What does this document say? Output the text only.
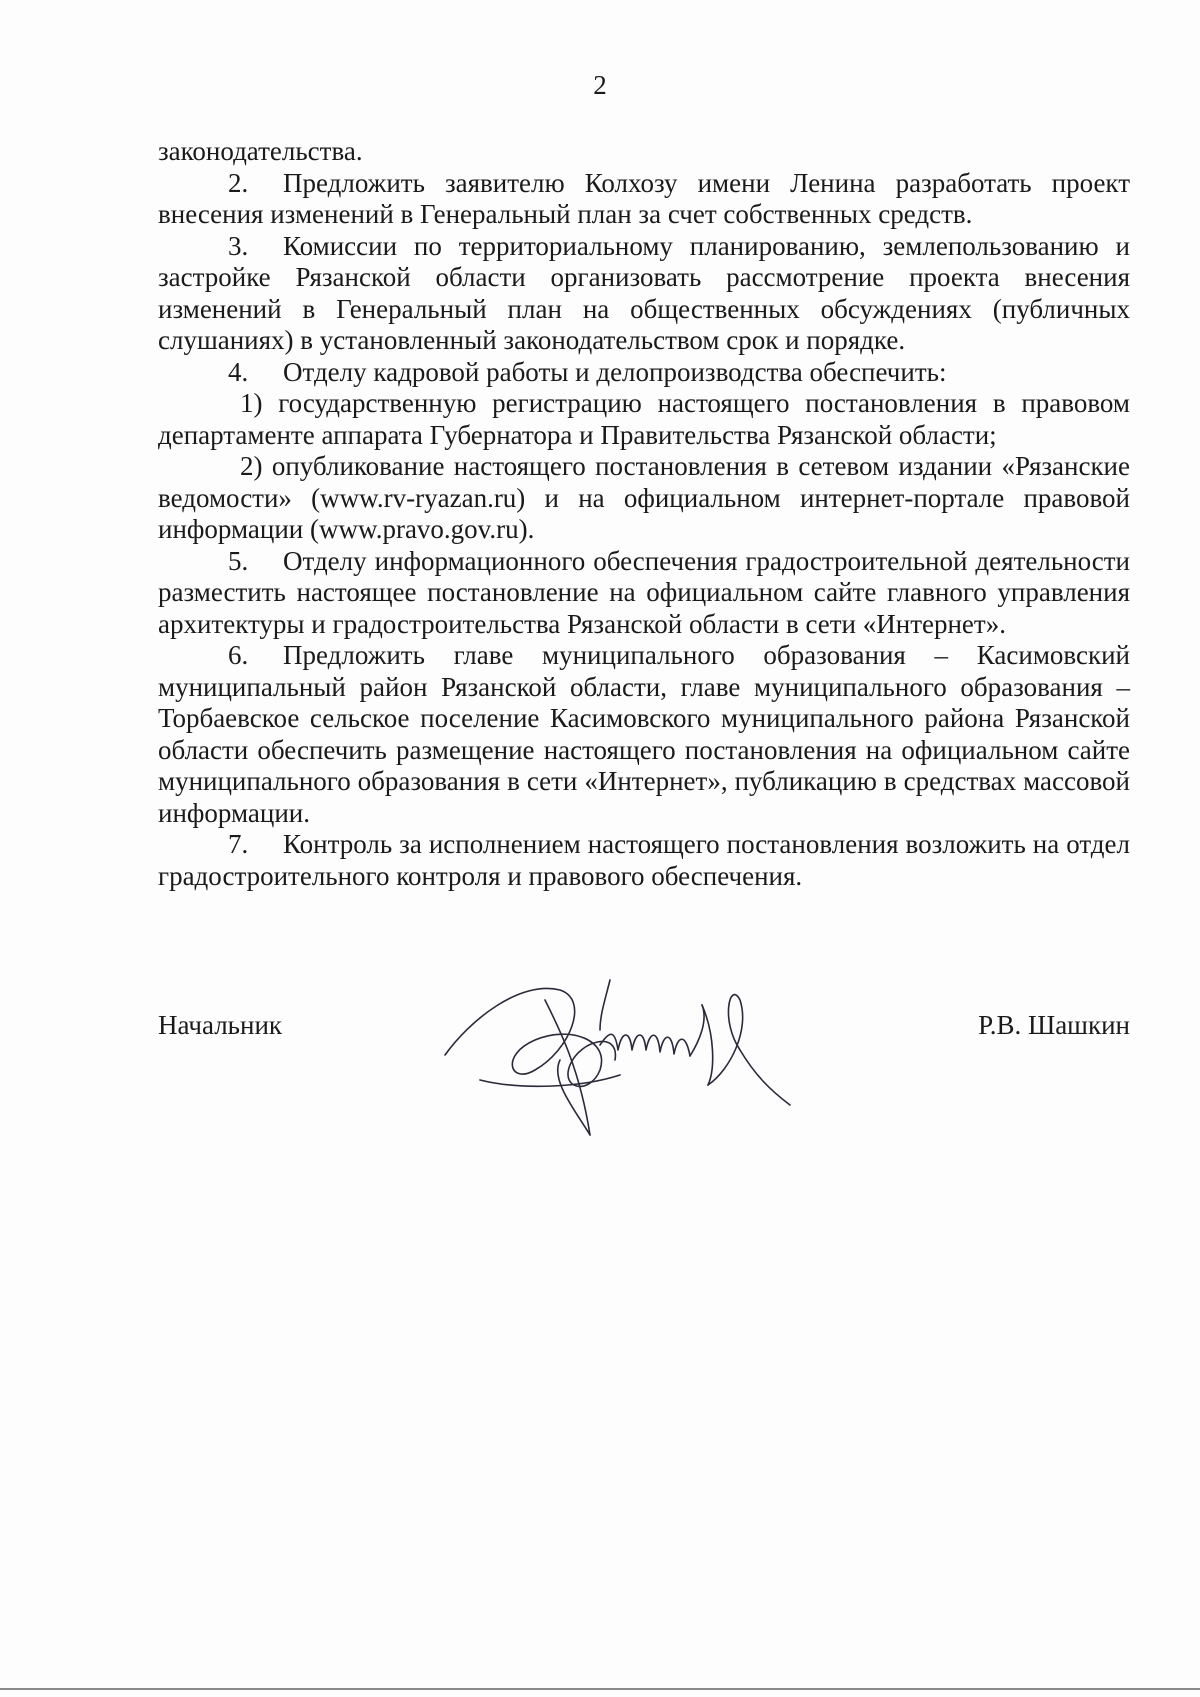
2

законодательства.

2. Предложить заявителю Колхозу имени Ленина разработать проект внесения изменений в Генеральный план за счет собственных средств.

3. Комиссии по территориальному планированию, землепользованию и застройке Рязанской области организовать рассмотрение проекта внесения изменений в Генеральный план на общественных обсуждениях (публичных слушаниях) в установленный законодательством срок и порядке.

4. Отделу кадровой работы и делопроизводства обеспечить:

1) государственную регистрацию настоящего постановления в правовом департаменте аппарата Губернатора и Правительства Рязанской области;

2) опубликование настоящего постановления в сетевом издании «Рязанские ведомости» (www.rv-ryazan.ru) и на официальном интернет-портале правовой информации (www.pravo.gov.ru).

5. Отделу информационного обеспечения градостроительной деятельности разместить настоящее постановление на официальном сайте главного управления архитектуры и градостроительства Рязанской области в сети «Интернет».

6. Предложить главе муниципального образования – Касимовский муниципальный район Рязанской области, главе муниципального образования – Торбаевское сельское поселение Касимовского муниципального района Рязанской области обеспечить размещение настоящего постановления на официальном сайте муниципального образования в сети «Интернет», публикацию в средствах массовой информации.

7. Контроль за исполнением настоящего постановления возложить на отдел градостроительного контроля и правового обеспечения.

Начальник	Р.В. Шашкин
